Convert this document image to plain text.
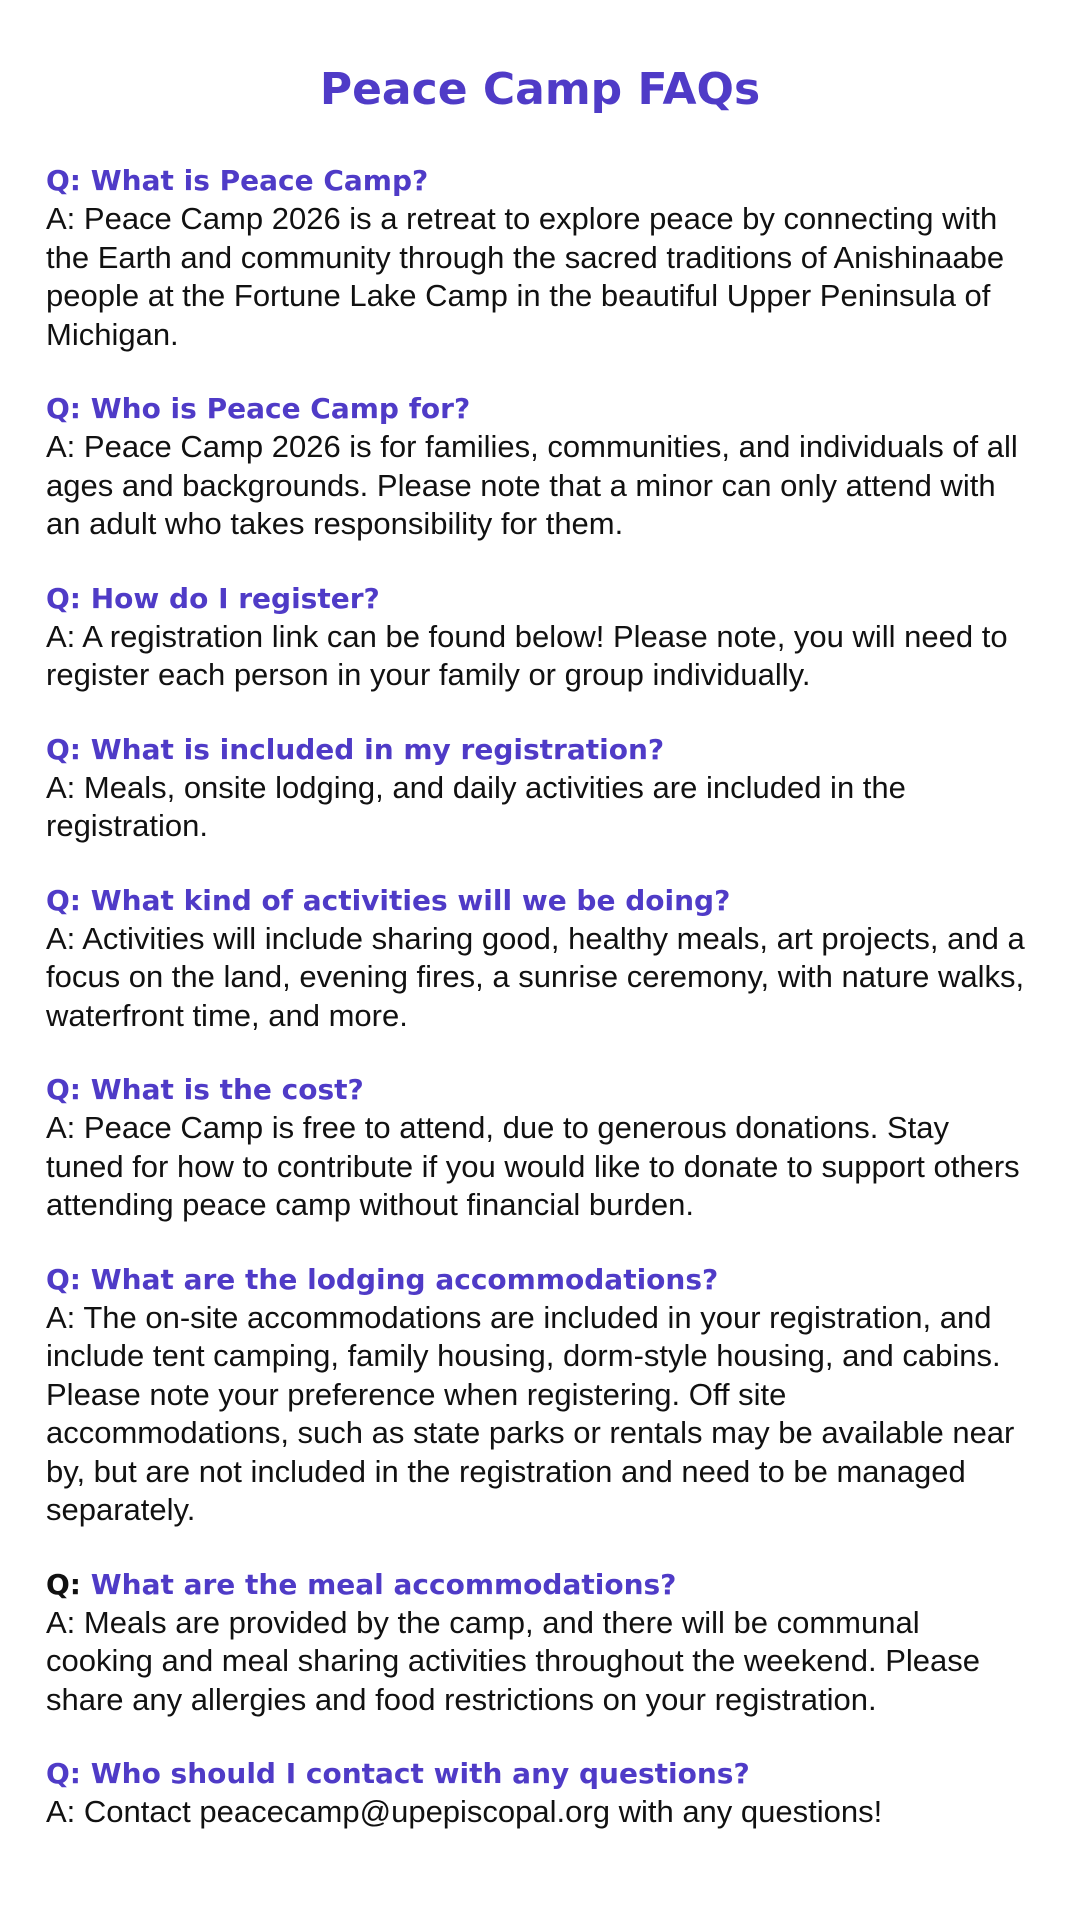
Peace Camp FAQs

Q: What is Peace Camp?

A: Peace Camp 2026 is a retreat to explore peace by connecting with the Earth and community through the sacred traditions of Anishinaabe people at the Fortune Lake Camp in the beautiful Upper Peninsula of Michigan.

Q: Who is Peace Camp for?

A: Peace Camp 2026 is for families, communities, and individuals of all ages and backgrounds. Please note that a minor can only attend with an adult who takes responsibility for them.

Q: How do I register?

A: A registration link can be found below! Please note, you will need to register each person in your family or group individually.

Q: What is included in my registration?

A: Meals, onsite lodging, and daily activities are included in the registration.

Q: What kind of activities will we be doing?

A: Activities will include sharing good, healthy meals, art projects, and a focus on the land, evening fires, a sunrise ceremony, with nature walks, waterfront time, and more.

Q: What is the cost?

A: Peace Camp is free to attend, due to generous donations. Stay tuned for how to contribute if you would like to donate to support others attending peace camp without financial burden.

Q: What are the lodging accommodations?

A: The on-site accommodations are included in your registration, and include tent camping, family housing, dorm-style housing, and cabins. Please note your preference when registering. Off site accommodations, such as state parks or rentals may be available near by, but are not included in the registration and need to be managed separately.

Q: What are the meal accommodations?

A: Meals are provided by the camp, and there will be communal cooking and meal sharing activities throughout the weekend. Please share any allergies and food restrictions on your registration.

Q: Who should I contact with any questions?

A: Contact peacecamp@upepiscopal.org with any questions!
